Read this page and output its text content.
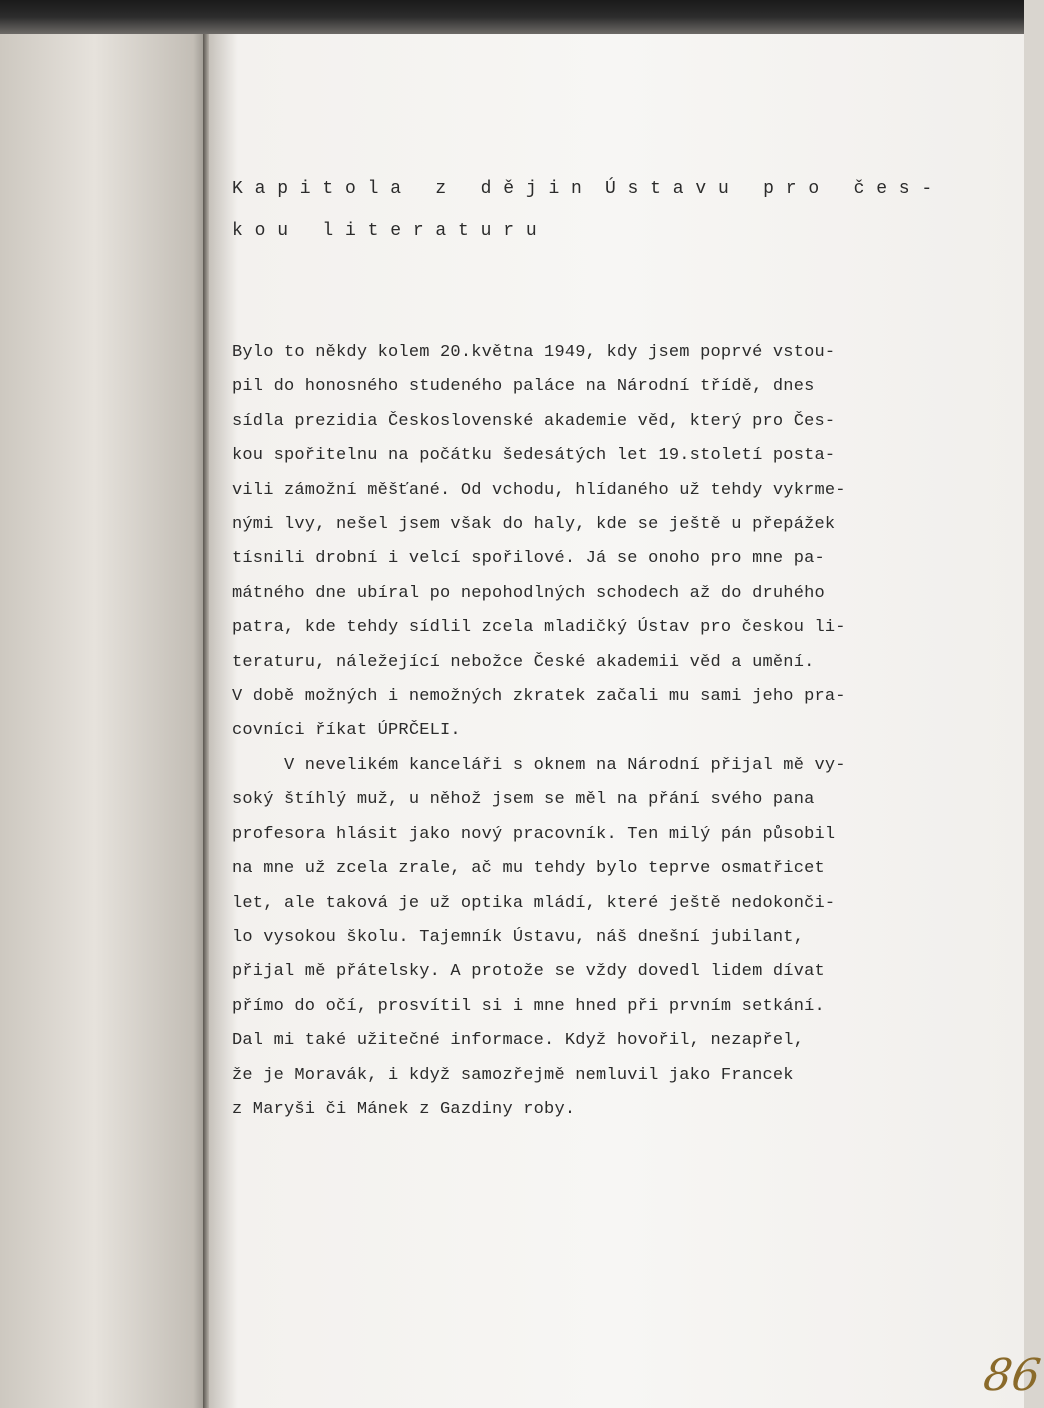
K a p i t o l a   z   d ě j i n  Ú s t a v u   p r o   č e s -

k o u   l i t e r a t u r u

Bylo to někdy kolem 20.května 1949, kdy jsem poprvé vstou-

pil do honosného studeného paláce na Národní třídě, dnes

sídla prezidia Československé akademie věd, který pro Čes-

kou spořitelnu na počátku šedesátých let 19.století posta-

vili zámožní měšťané. Od vchodu, hlídaného už tehdy vykrme-

nými lvy, nešel jsem však do haly, kde se ještě u přepážek

tísnili drobní i velcí spořilové. Já se onoho pro mne pa-

mátného dne ubíral po nepohodlných schodech až do druhého

patra, kde tehdy sídlil zcela mladičký Ústav pro českou li-

teraturu, náležející nebožce České akademii věd a umění.

V době možných i nemožných zkratek začali mu sami jeho pra-

covníci říkat ÚPRČELI.

V nevelikém kanceláři s oknem na Národní přijal mě vy-

soký štíhlý muž, u něhož jsem se měl na přání svého pana

profesora hlásit jako nový pracovník. Ten milý pán působil

na mne už zcela zrale, ač mu tehdy bylo teprve osmatřicet

let, ale taková je už optika mládí, které ještě nedokonči-

lo vysokou školu. Tajemník Ústavu, náš dnešní jubilant,

přijal mě přátelsky. A protože se vždy dovedl lidem dívat

přímo do očí, prosvítil si i mne hned při prvním setkání.

Dal mi také užitečné informace. Když hovořil, nezapřel,

že je Moravák, i když samozřejmě nemluvil jako Francek

z Maryši či Mánek z Gazdiny roby.

86
